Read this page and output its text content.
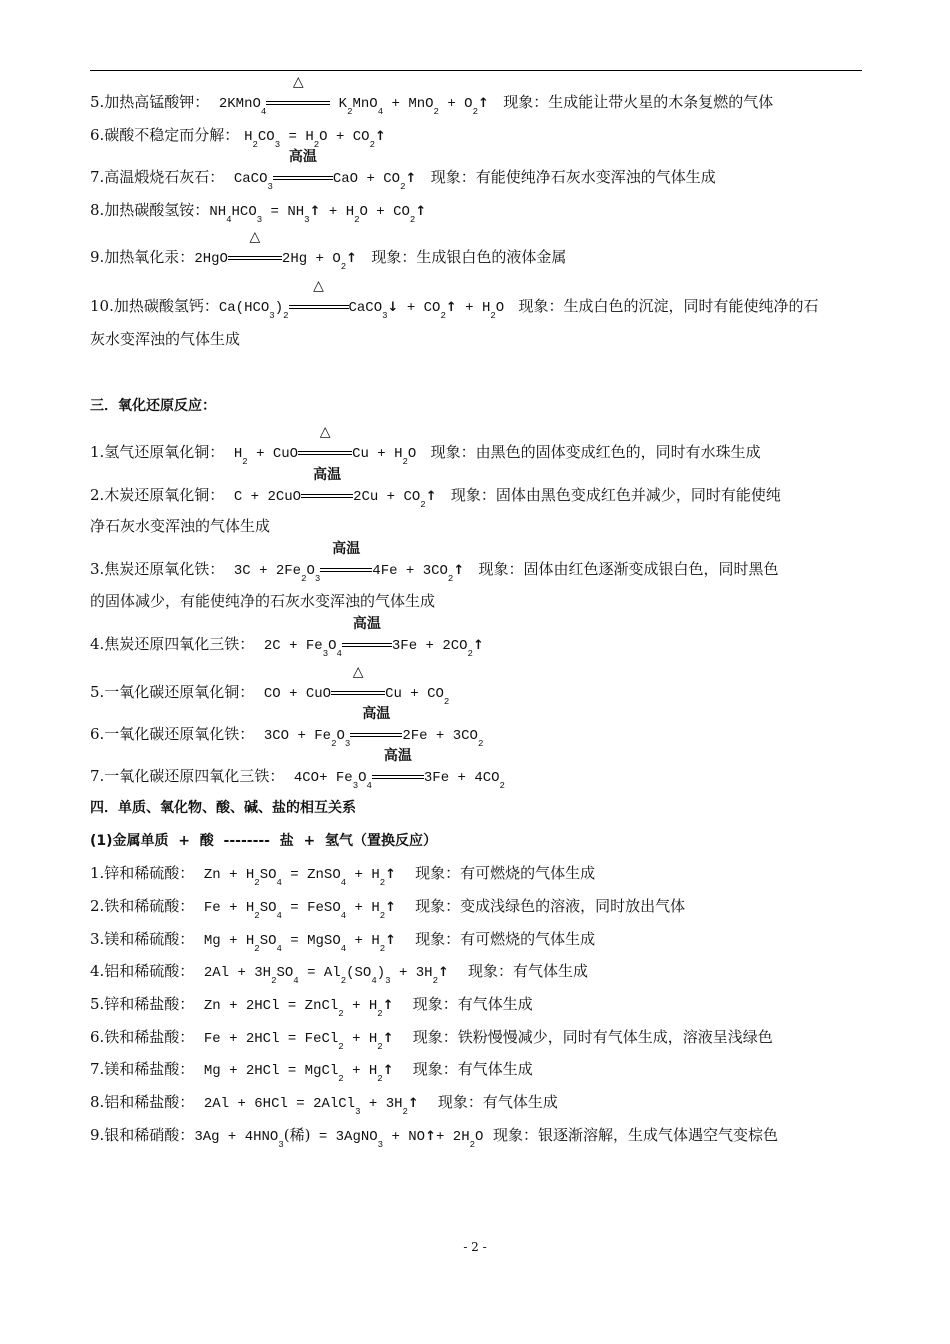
5.加热高锰酸钾： 2KMnO$_4$
△
$K_2MnO_4 + MnO_2$ + $O_2↑$ 现象：生成能让带火星的木条复燃的气体
6.碳酸不稳定而分解： $H_2CO_3 = H_2O$ + $CO_2↑$
7.高温煅烧石灰石： CaCO$_3$
高温
CaO + $CO_2↑$ 现象：有能使纯净石灰水变浑浊的气体生成
8.加热碳酸氢铵：$NH_4HCO_3$ = $NH_3↑ + H_2O$ + $CO_2↑$
9.加热氧化汞：2HgO
△
$2Hg + O_2↑$ 现象：生成银白色的液体金属
10.加热碳酸氢钙：$Ca(HCO_3)_2$
△
CaCO$_3$↓ + $CO_2↑ + H_2O$ 现象：生成白色的沉淀，同时有能使纯净的石
灰水变浑浊的气体生成
三．氧化还原反应：
1.氢气还原氧化铜： $H_2$ + CuO
△
$Cu + H_2O$ 现象：由黑色的固体变成红色的，同时有水珠生成
2.木炭还原氧化铜： C + 2CuO
高温
$2Cu + CO_2↑$ 现象：固体由黑色变成红色并减少，同时有能使纯
净石灰水变浑浊的气体生成
3.焦炭还原氧化铁： $3C + 2Fe_2O_3$
高温
$4Fe + 3CO_2↑$ 现象：固体由红色逐渐变成银白色，同时黑色
的固体减少，有能使纯净的石灰水变浑浊的气体生成
4.焦炭还原四氧化三铁： $2C + Fe_3O_4$
高温
$3Fe + 2CO_2↑$
5.一氧化碳还原氧化铜： CO + CuO
△
$Cu + CO_2$
6.一氧化碳还原氧化铁： $3CO + Fe_2O_3$
高温
$2Fe + 3CO_2$
7.一氧化碳还原四氧化三铁： $4CO+ Fe_3O_4$
高温
$3Fe + 4CO_2$
四．单质、氧化物、酸、碱、盐的相互关系
(1)金属单质  +  酸  --------  盐  +  氢气（置换反应）
1.锌和稀硫酸： $Zn + H_2SO_4$ = ZnSO$_4$ + $H_2↑$ 现象：有可燃烧的气体生成
2.铁和稀硫酸： $Fe + H_2SO_4$ = FeSO$_4$ + $H_2↑$ 现象：变成浅绿色的溶液，同时放出气体
3.镁和稀硫酸： $Mg + H_2SO_4$ = MgSO$_4$ + $H_2↑$ 现象：有可燃烧的气体生成
4.铝和稀硫酸： $2Al + 3H_2SO_4 = Al_2(SO_4)_3$ + $3H_2↑$ 现象：有气体生成
5.锌和稀盐酸： Zn + 2HCl = ZnCl$_2$ + $H_2↑$ 现象：有气体生成
6.铁和稀盐酸： Fe + 2HCl = FeCl$_2$ + $H_2↑$ 现象：铁粉慢慢减少，同时有气体生成，溶液呈浅绿色
7.镁和稀盐酸： Mg + 2HCl = MgCl$_2$ + $H_2↑$ 现象：有气体生成
8.铝和稀盐酸： 2Al + 6HCl = 2AlCl$_3$ + $3H_2↑$ 现象：有气体生成
9.银和稀硝酸：$3Ag + 4HNO_3$(稀) = 3AgNO$_3$ + NO↑+ $2H_2O$ 现象：银逐渐溶解，生成气体遇空气变棕色
- 2 -
